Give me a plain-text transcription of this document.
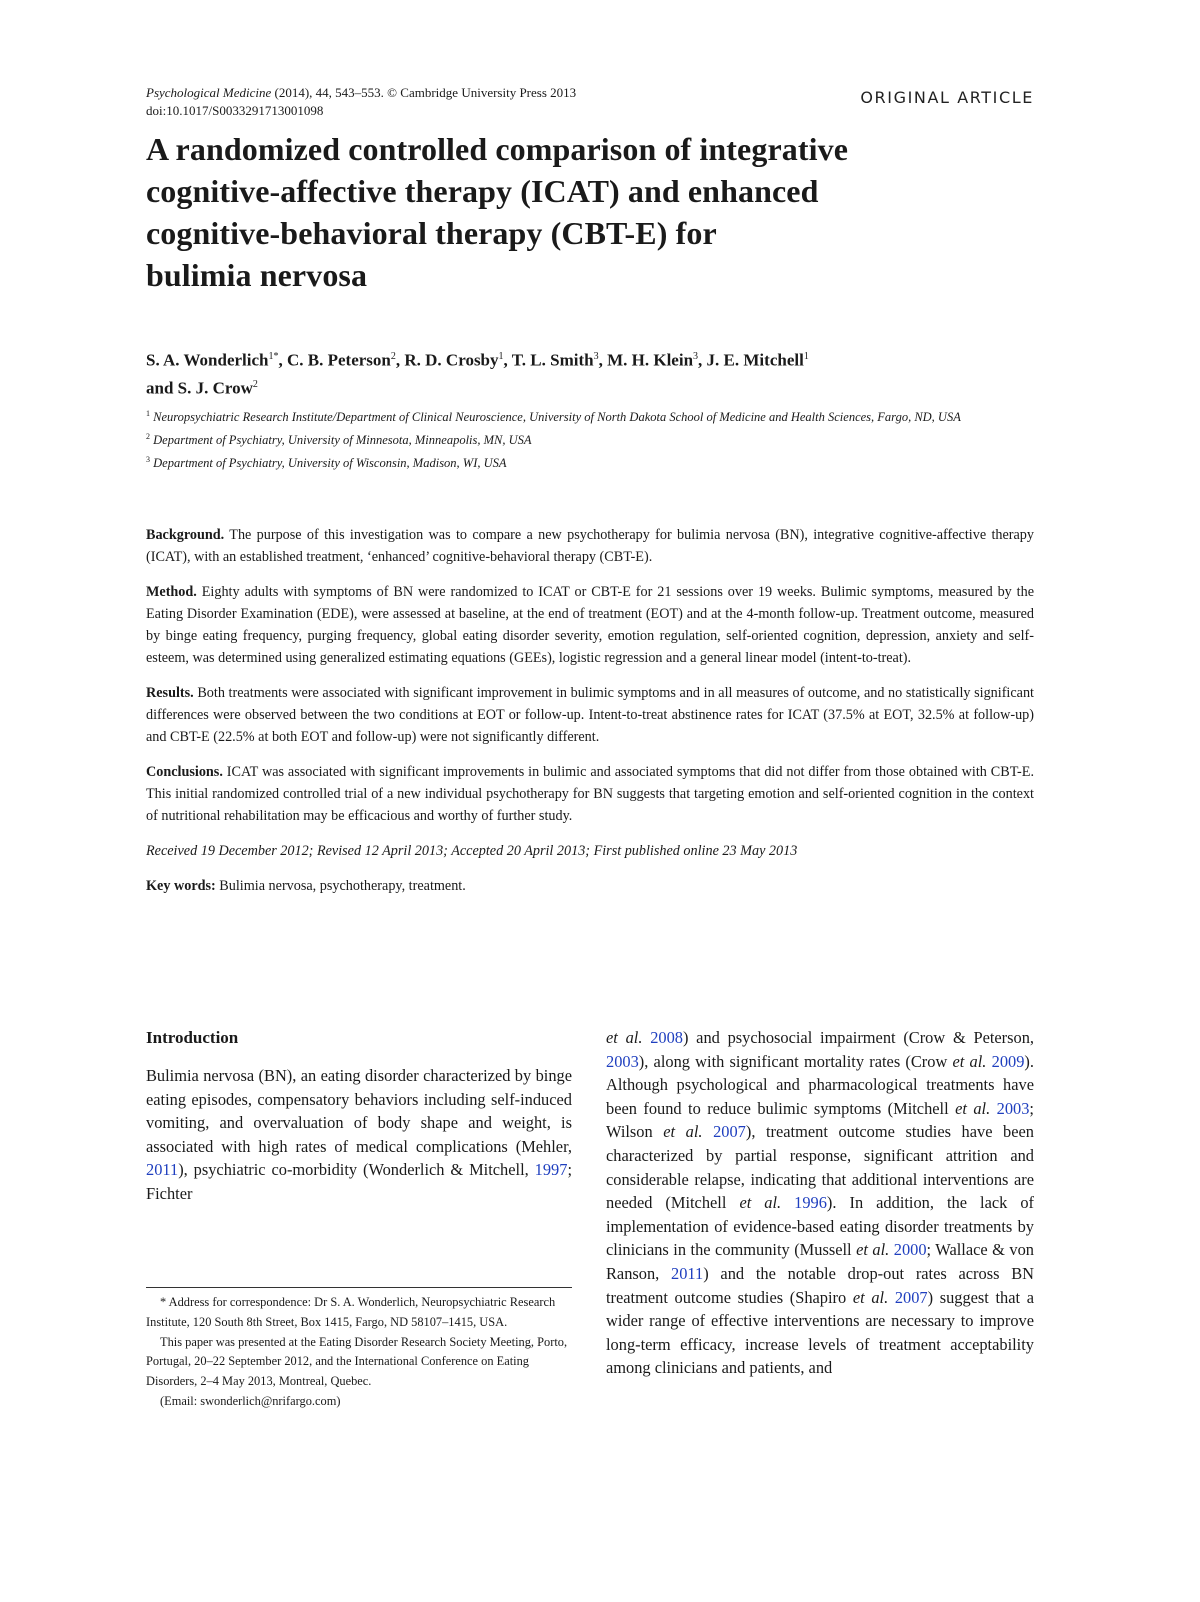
Psychological Medicine (2014), 44, 543–553. © Cambridge University Press 2013
doi:10.1017/S0033291713001098
ORIGINAL ARTICLE
A randomized controlled comparison of integrative
cognitive-affective therapy (ICAT) and enhanced
cognitive-behavioral therapy (CBT-E) for
bulimia nervosa
S. A. Wonderlich$^{1*}$, C. B. Peterson$^2$, R. D. Crosby$^1$, T. L. Smith$^3$, M. H. Klein$^3$, J. E. Mitchell$^1$
and S. J. Crow$^2$
$^1$ Neuropsychiatric Research Institute/Department of Clinical Neuroscience, University of North Dakota School of Medicine and Health Sciences, Fargo, ND, USA
$^2$ Department of Psychiatry, University of Minnesota, Minneapolis, MN, USA
$^3$ Department of Psychiatry, University of Wisconsin, Madison, WI, USA

Background. The purpose of this investigation was to compare a new psychotherapy for bulimia nervosa (BN), integrative cognitive-affective therapy (ICAT), with an established treatment, ‘enhanced’ cognitive-behavioral therapy (CBT-E).

Method. Eighty adults with symptoms of BN were randomized to ICAT or CBT-E for 21 sessions over 19 weeks. Bulimic symptoms, measured by the Eating Disorder Examination (EDE), were assessed at baseline, at the end of treatment (EOT) and at the 4-month follow-up. Treatment outcome, measured by binge eating frequency, purging frequency, global eating disorder severity, emotion regulation, self-oriented cognition, depression, anxiety and self-esteem, was determined using generalized estimating equations (GEEs), logistic regression and a general linear model (intent-to-treat).

Results. Both treatments were associated with significant improvement in bulimic symptoms and in all measures of outcome, and no statistically significant differences were observed between the two conditions at EOT or follow-up. Intent-to-treat abstinence rates for ICAT (37.5% at EOT, 32.5% at follow-up) and CBT-E (22.5% at both EOT and follow-up) were not significantly different.

Conclusions. ICAT was associated with significant improvements in bulimic and associated symptoms that did not differ from those obtained with CBT-E. This initial randomized controlled trial of a new individual psychotherapy for BN suggests that targeting emotion and self-oriented cognition in the context of nutritional rehabilitation may be efficacious and worthy of further study.

Received 19 December 2012; Revised 12 April 2013; Accepted 20 April 2013; First published online 23 May 2013

Key words: Bulimia nervosa, psychotherapy, treatment.

Introduction

Bulimia nervosa (BN), an eating disorder characterized by binge eating episodes, compensatory behaviors including self-induced vomiting, and overvaluation of body shape and weight, is associated with high rates of medical complications (Mehler, 2011), psychiatric co-morbidity (Wonderlich & Mitchell, 1997; Fichter

et al. 2008) and psychosocial impairment (Crow & Peterson, 2003), along with significant mortality rates (Crow et al. 2009). Although psychological and pharmacological treatments have been found to reduce bulimic symptoms (Mitchell et al. 2003; Wilson et al. 2007), treatment outcome studies have been characterized by partial response, significant attrition and considerable relapse, indicating that additional interventions are needed (Mitchell et al. 1996). In addition, the lack of implementation of evidence-based eating disorder treatments by clinicians in the community (Mussell et al. 2000; Wallace & von Ranson, 2011) and the notable drop-out rates across BN treatment outcome studies (Shapiro et al. 2007) suggest that a wider range of effective interventions are necessary to improve long-term efficacy, increase levels of treatment acceptability among clinicians and patients, and

* Address for correspondence: Dr S. A. Wonderlich, Neuropsychiatric Research Institute, 120 South 8th Street, Box 1415, Fargo, ND 58107–1415, USA.

This paper was presented at the Eating Disorder Research Society Meeting, Porto, Portugal, 20–22 September 2012, and the International Conference on Eating Disorders, 2–4 May 2013, Montreal, Quebec.

(Email: swonderlich@nrifargo.com)
